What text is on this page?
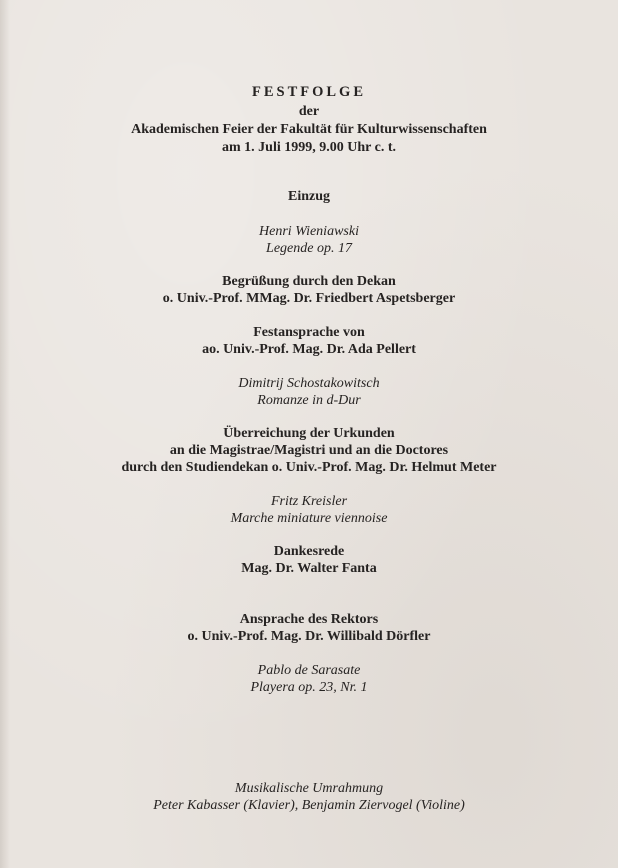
FESTFOLGE
der
Akademischen Feier der Fakultät für Kulturwissenschaften
am 1. Juli 1999, 9.00 Uhr c. t.
Einzug
Henri Wieniawski
Legende op. 17
Begrüßung durch den Dekan
o. Univ.-Prof. MMag. Dr. Friedbert Aspetsberger
Festansprache von
ao. Univ.-Prof. Mag. Dr. Ada Pellert
Dimitrij Schostakowitsch
Romanze in d-Dur
Überreichung der Urkunden
an die Magistrae/Magistri und an die Doctores
durch den Studiendekan o. Univ.-Prof. Mag. Dr. Helmut Meter
Fritz Kreisler
Marche miniature viennoise
Dankesrede
Mag. Dr. Walter Fanta
Ansprache des Rektors
o. Univ.-Prof. Mag. Dr. Willibald Dörfler
Pablo de Sarasate
Playera op. 23, Nr. 1
Musikalische Umrahmung
Peter Kabasser (Klavier), Benjamin Ziervogel (Violine)
